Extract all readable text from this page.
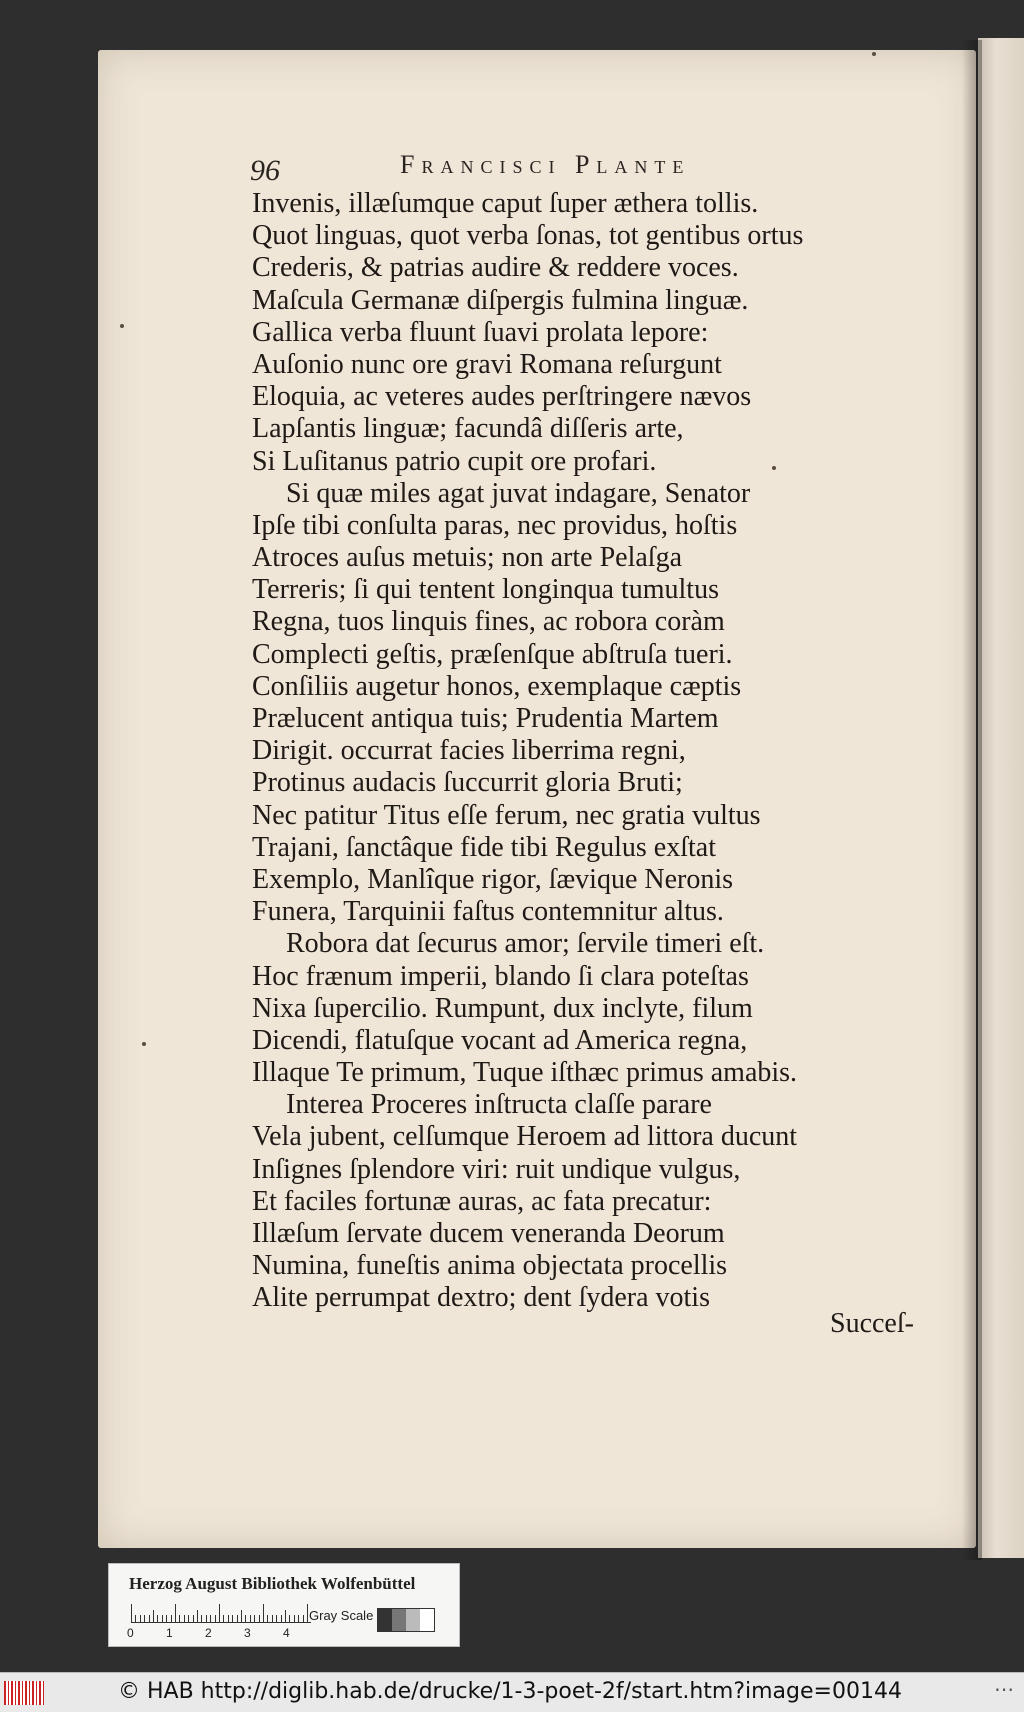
96	Francisci Plante
Invenis, illæſumque caput ſuper æthera tollis.
Quot linguas, quot verba ſonas, tot gentibus ortus
Crederis, & patrias audire & reddere voces.
Maſcula Germanæ diſpergis fulmina linguæ.
Gallica verba fluunt ſuavi prolata lepore:
Auſonio nunc ore gravi Romana reſurgunt
Eloquia, ac veteres audes perſtringere nævos
Lapſantis linguæ; facundâ diſſeris arte,
Si Luſitanus patrio cupit ore profari.
Si quæ miles agat juvat indagare, Senator
Ipſe tibi conſulta paras, nec providus, hoſtis
Atroces auſus metuis; non arte Pelaſga
Terreris; ſi qui tentent longinqua tumultus
Regna, tuos linquis fines, ac robora coràm
Complecti geſtis, præſenſque abſtruſa tueri.
Conſiliis augetur honos, exemplaque cæptis
Prælucent antiqua tuis; Prudentia Martem
Dirigit. occurrat facies liberrima regni,
Protinus audacis ſuccurrit gloria Bruti;
Nec patitur Titus eſſe ferum, nec gratia vultus
Trajani, ſanctâque fide tibi Regulus exſtat
Exemplo, Manlîque rigor, ſævique Neronis
Funera, Tarquinii faſtus contemnitur altus.
Robora dat ſecurus amor; ſervile timeri eſt.
Hoc frænum imperii, blando ſi clara poteſtas
Nixa ſupercilio. Rumpunt, dux inclyte, filum
Dicendi, flatuſque vocant ad America regna,
Illaque Te primum, Tuque iſthæc primus amabis.
Interea Proceres inſtructa claſſe parare
Vela jubent, celſumque Heroem ad littora ducunt
Inſignes ſplendore viri: ruit undique vulgus,
Et faciles fortunæ auras, ac fata precatur:
Illæſum ſervate ducem veneranda Deorum
Numina, funeſtis anima objectata procellis
Alite perrumpat dextro; dent ſydera votis
Succeſ-
Herzog August Bibliothek Wolfenbüttel
0	1	2	3	4
Gray Scale
© HAB http://diglib.hab.de/drucke/1-3-poet-2f/start.htm?image=00144	⋯
